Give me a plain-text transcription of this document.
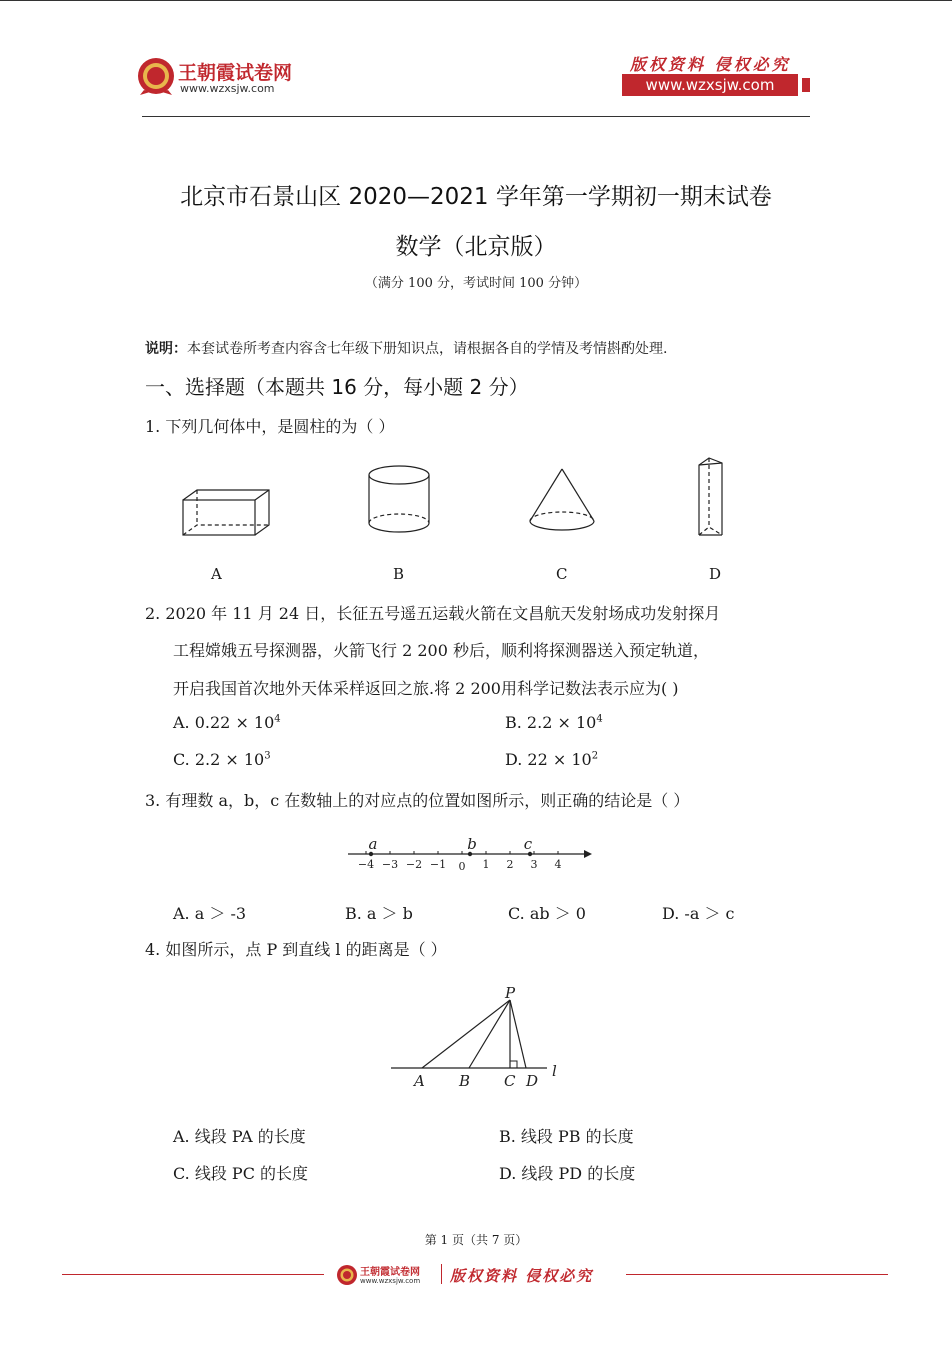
王朝霞试卷网
www.wzxsjw.com
版权资料 侵权必究
www.wzxsjw.com
北京市石景山区 2020—2021 学年第一学期初一期末试卷
数学（北京版）
（满分 100 分，考试时间 100 分钟）
说明：本套试卷所考查内容含七年级下册知识点，请根据各自的学情及考情斟酌处理.
一、选择题（本题共 16 分，每小题 2 分）
1. 下列几何体中，是圆柱的为（ ）
A	B	C	D
2. 2020 年 11 月 24 日，长征五号遥五运载火箭在文昌航天发射场成功发射探月
工程嫦娥五号探测器，火箭飞行 2 200 秒后，顺利将探测器送入预定轨道，
开启我国首次地外天体采样返回之旅.将 2 200用科学记数法表示应为( )
A. $0.22 \times 10^4$	B. $2.2 \times 10^4$
C. $2.2 \times 10^3$	D. $22 \times 10^2$
3. 有理数 a，b，c 在数轴上的对应点的位置如图所示，则正确的结论是（ ）
−4 −3 −2 −1 0 1 2 3 4
a	b	c
A. a ＞ -3	B. a ＞ b	C. ab ＞ 0	D. -a ＞ c
4. 如图所示，点 P 到直线 l 的距离是（ ）
P
A B C D
l
A. 线段 PA 的长度	B. 线段 PB 的长度
C. 线段 PC 的长度	D. 线段 PD 的长度
第 1 页（共 7 页）
王朝霞试卷网
www.wzxsjw.com 版权资料 侵权必究
